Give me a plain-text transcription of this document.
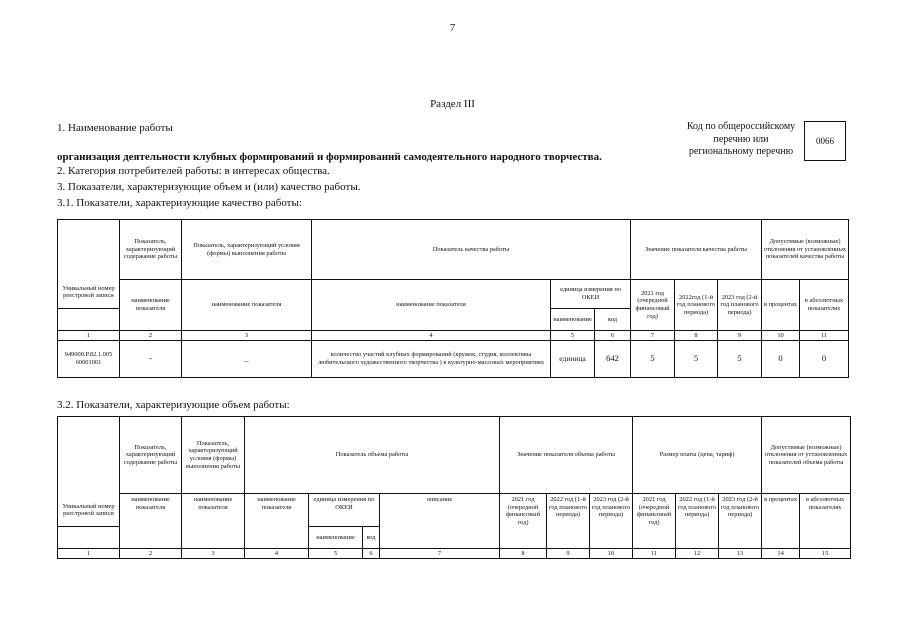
7
Раздел III
1. Наименование работы	Код по общероссийскому перечню или региональному перечню
0066
организация деятельности клубных формирований и формирований самодеятельного народного творчества.
2. Категория потребителей работы: в интересах общества.
3. Показатели, характеризующие объем и (или) качество работы.
3.1. Показатели, характеризующие качество работы:
Уникальный номер реестровой записи	Показатель, характеризующий содержание работы	Показатель, характеризующий условия (формы) выполнения работы	Показатель качества работы			Значение показателя качества работы			Допустимые (возможные) отклонения от установленных показателей качества работы	
	наименование показателя	наименование показателя	наименование показателя	единица измерения по ОКЕИ		2021 год (очередной финансовый год)	2022год (1-й год планового периода)	2023 год (2-й год планового периода)	в процентах	в абсолютных показателях
				наименование	код					
1	2	3	4	5	6	7	8	9	10	11
949000.Р.82.1.005 60001001	-	_	количество участий клубных формирований (кружок, студия, коллективы любительского художественного творчества ) в культурно-массовых мероприятиях	единица	642	5	5	5	0	0
3.2. Показатели, характеризующие объем работы:
Уникальный номер реестровой записи	Показатель, характеризующий содержание работы	Показатель, характеризующий условия (формы) выполнения работы	Показатель объема работы				Значение показателя объема работы			Размер платы (цена, тариф)			Допустимые (возможные) отклонения от установленных показателей объема работы	
	наименование показателя	наименование показателя	наименование показателя	единица измерения по ОКЕИ		описание	2021 год (очередной финансовый год)	2022 год (1-й год планового периода)	2023 год (2-й год планового периода)	2021 год (очередной финансовый год)	2022 год (1-й год планового периода)	2023 год (2-й год планового периода)	в процентах	в абсолютных показателях
				наименование	код									
1	2	3	4	5	6	7	8	9	10	11	12	13	14	15
